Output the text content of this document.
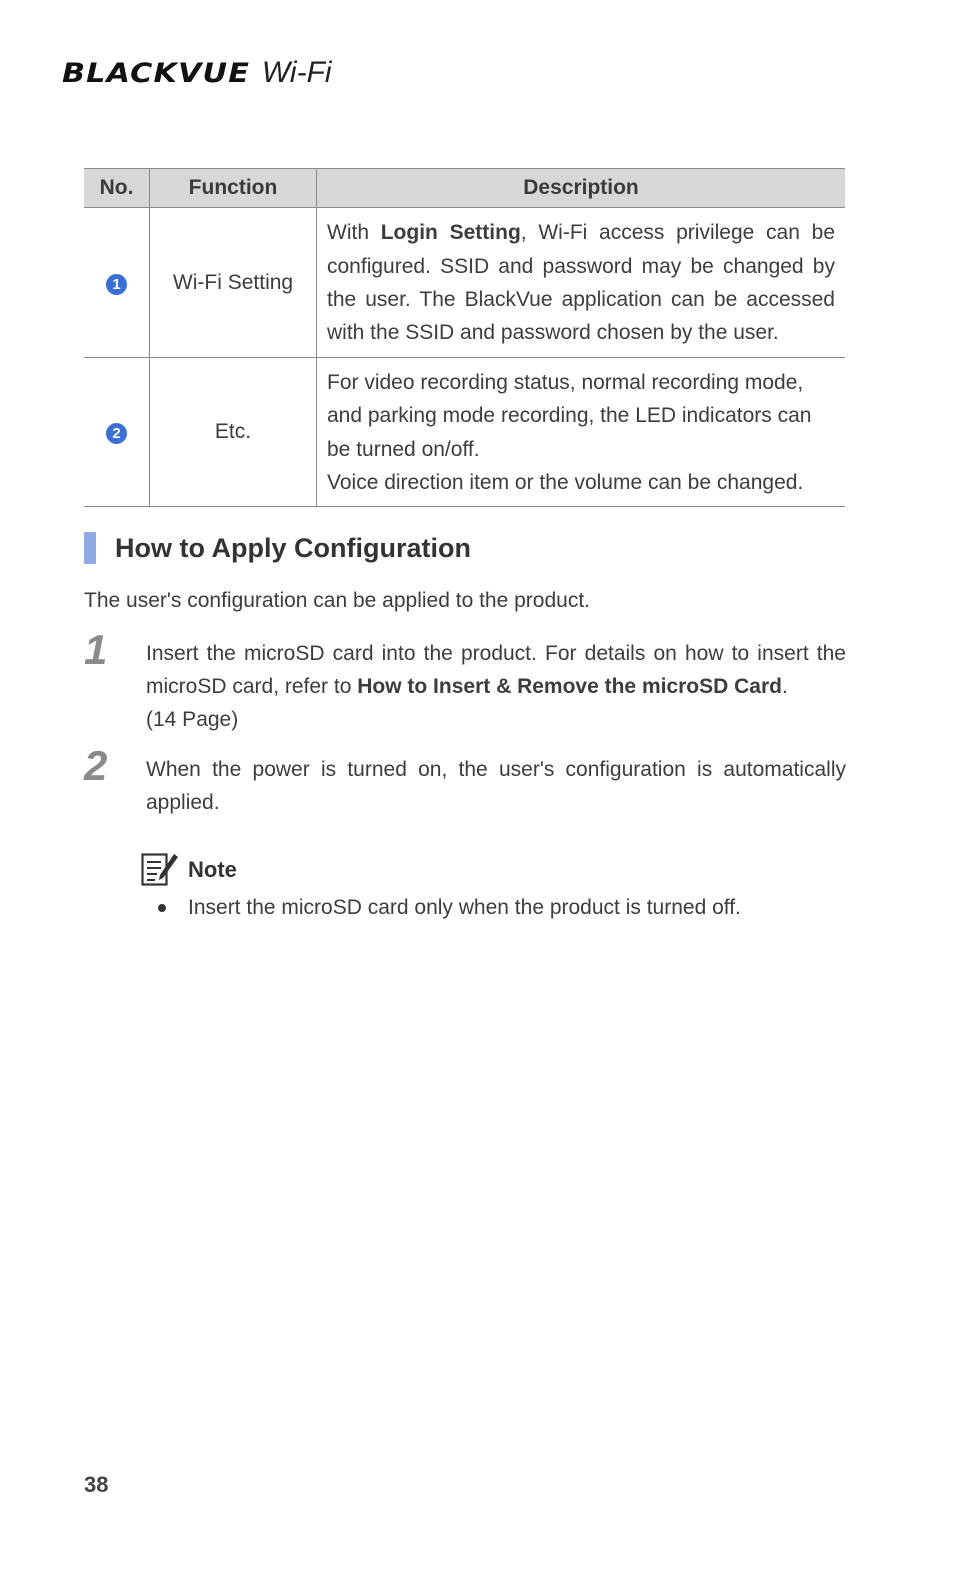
BLACKVUE Wi-Fi
No.	Function	Description
1	Wi-Fi Setting	With Login Setting, Wi-Fi access privilege can be configured. SSID and password may be changed by the user. The BlackVue application can be accessed with the SSID and password chosen by the user.
2	Etc.	For video recording status, normal recording mode, and parking mode recording, the LED indicators can be turned on/off.
Voice direction item or the volume can be changed.
How to Apply Configuration
The user's configuration can be applied to the product.
1 Insert the microSD card into the product. For details on how to insert the microSD card, refer to How to Insert & Remove the microSD Card.
(14 Page)
2 When the power is turned on, the user's configuration is automatically applied.
Note
Insert the microSD card only when the product is turned off.
38
